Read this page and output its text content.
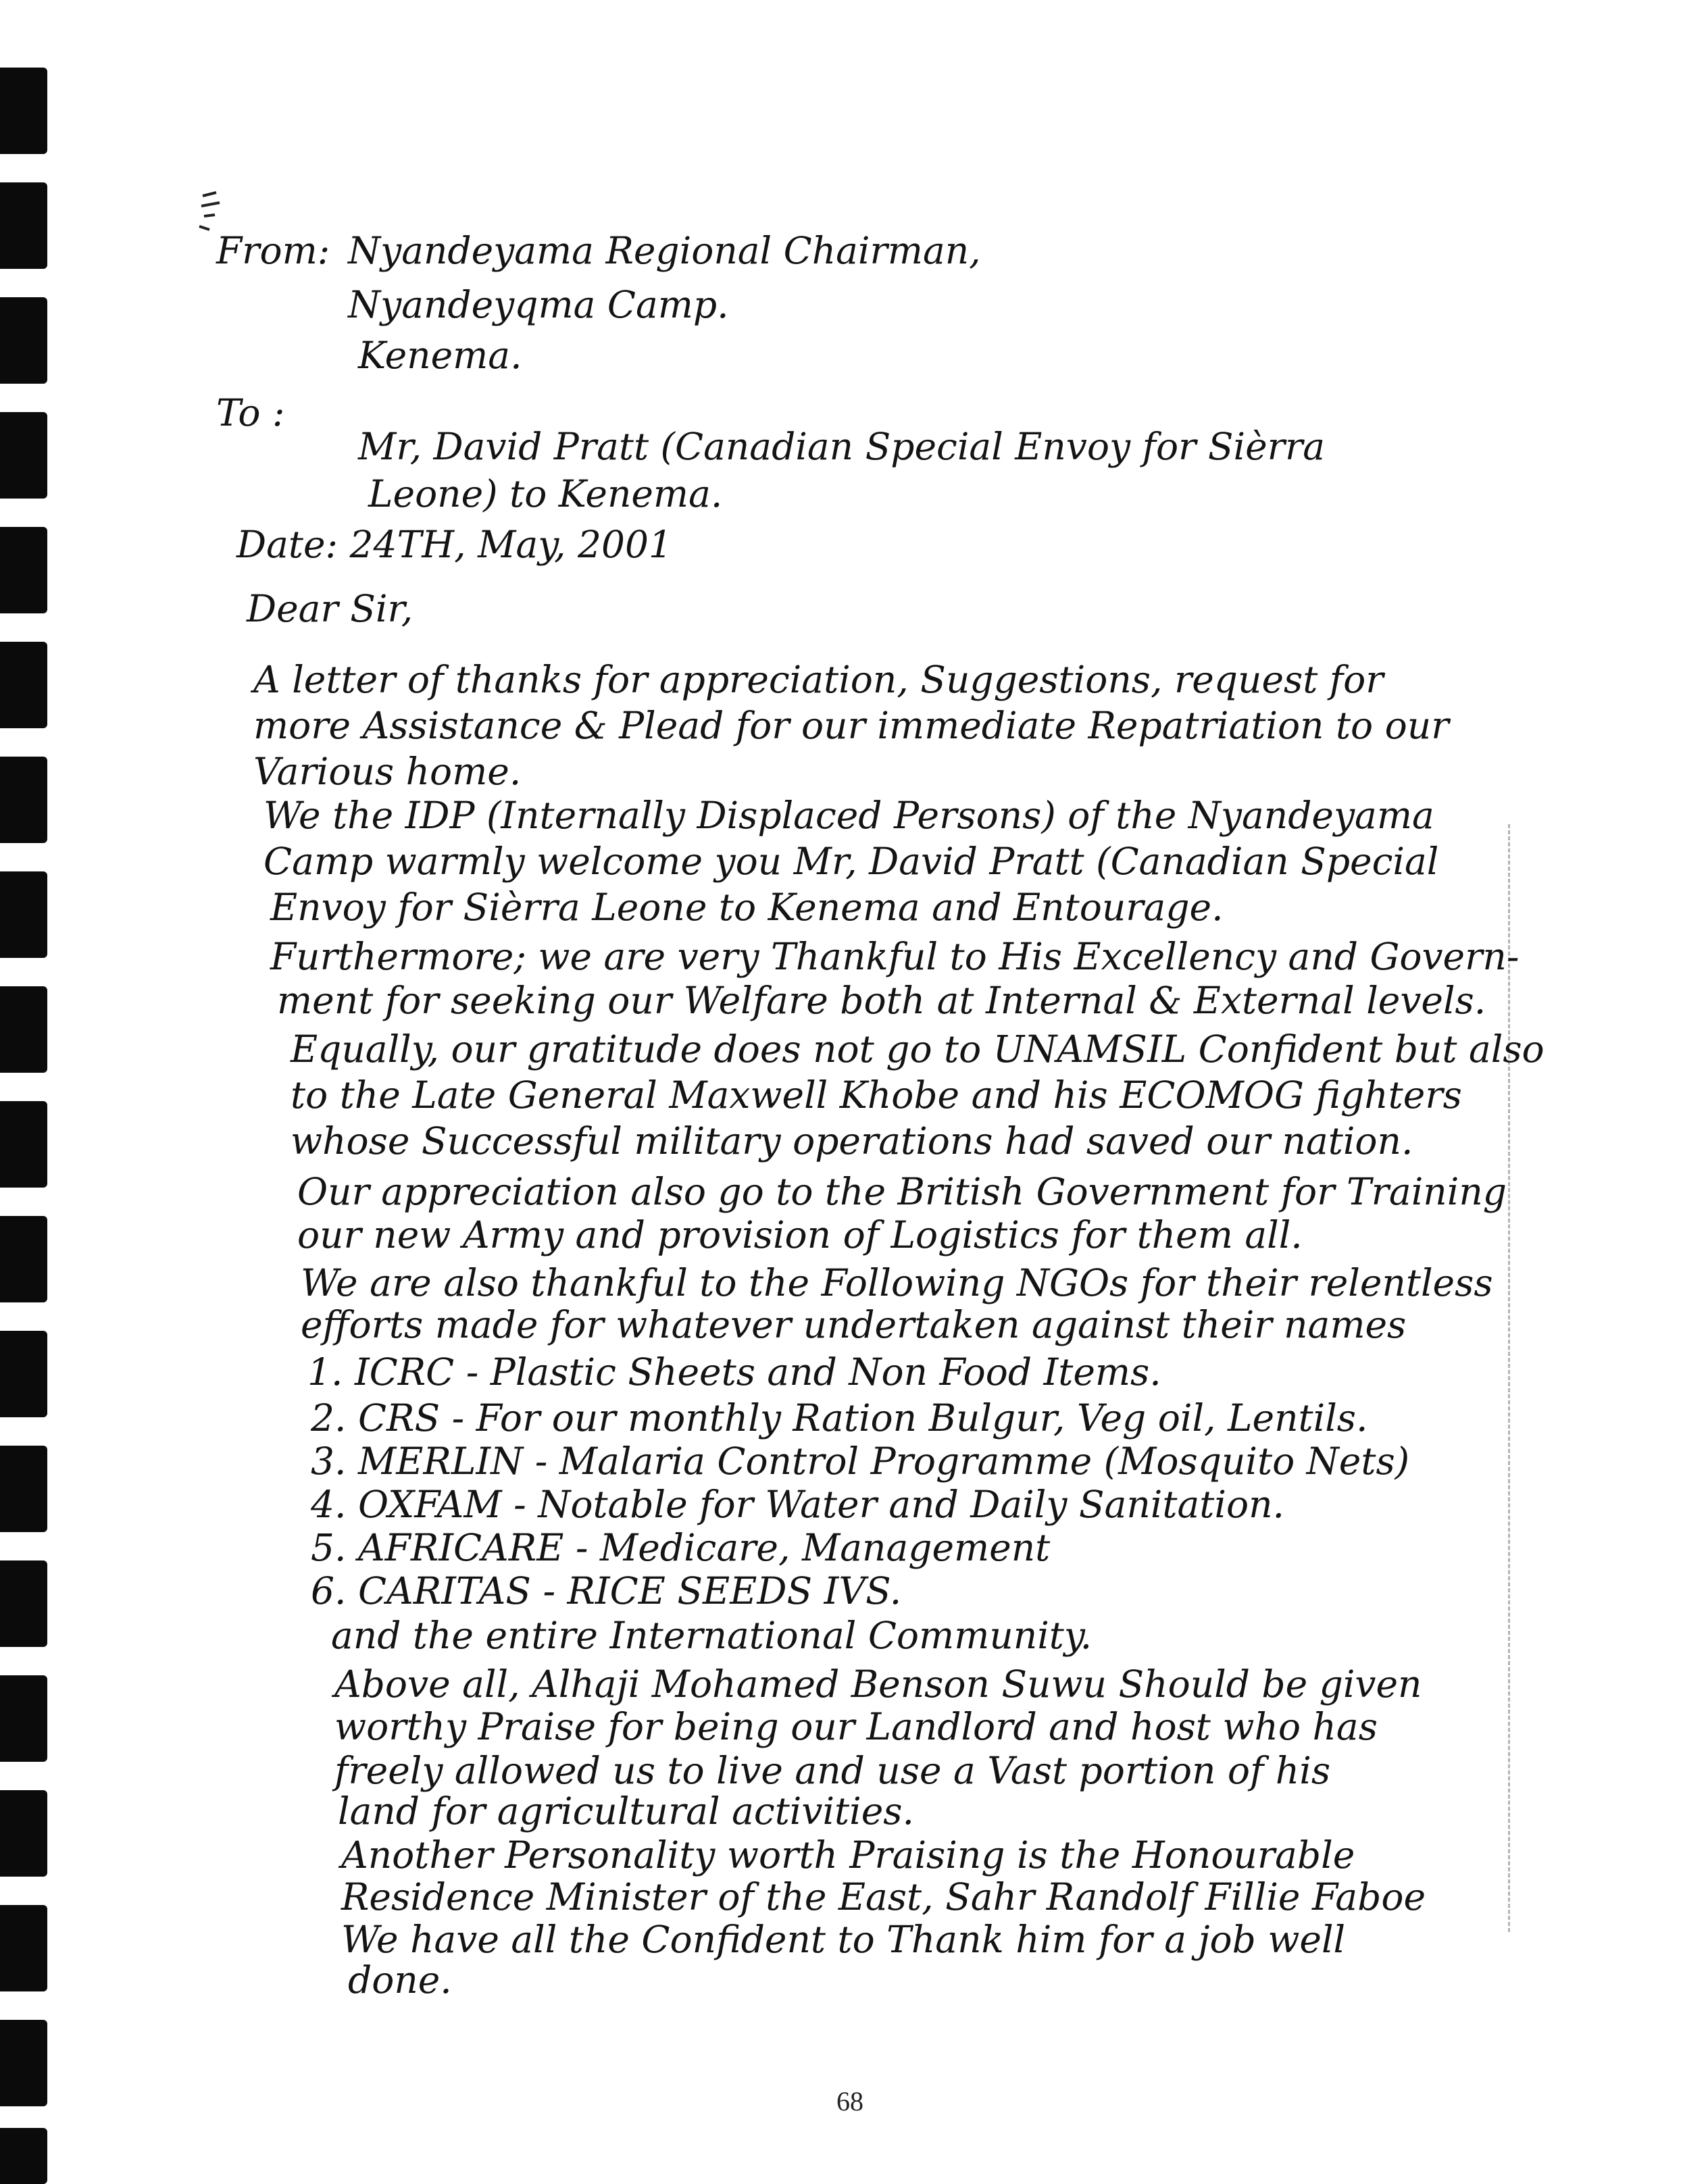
From: Nyandeyama Regional Chairman,
Nyandeyqma Camp.
Kenema.
To :
Mr, David Pratt (Canadian Special Envoy for Sièrra
Leone) to Kenema.
Date: 24TH, May, 2001
Dear Sir,
A letter of thanks for appreciation, Suggestions, request for
more Assistance & Plead for our immediate Repatriation to our
Various home.
We the IDP (Internally Displaced Persons) of the Nyandeyama
Camp warmly welcome you Mr, David Pratt (Canadian Special
Envoy for Sièrra Leone to Kenema and Entourage.
Furthermore; we are very Thankful to His Excellency and Govern-
ment for seeking our Welfare both at Internal & External levels.
Equally, our gratitude does not go to UNAMSIL Confident but also
to the Late General Maxwell Khobe and his ECOMOG fighters
whose Successful military operations had saved our nation.
Our appreciation also go to the British Government for Training
our new Army and provision of Logistics for them all.
We are also thankful to the Following NGOs for their relentless
efforts made for whatever undertaken against their names
1. ICRC - Plastic Sheets and Non Food Items.
2. CRS - For our monthly Ration Bulgur, Veg oil, Lentils.
3. MERLIN - Malaria Control Programme (Mosquito Nets)
4. OXFAM - Notable for Water and Daily Sanitation.
5. AFRICARE - Medicare, Management
6. CARITAS - RICE SEEDS IVS.
and the entire International Community.
Above all, Alhaji Mohamed Benson Suwu Should be given
worthy Praise for being our Landlord and host who has
freely allowed us to live and use a Vast portion of his
land for agricultural activities.
Another Personality worth Praising is the Honourable
Residence Minister of the East, Sahr Randolf Fillie Faboe
We have all the Confident to Thank him for a job well
done.
68
